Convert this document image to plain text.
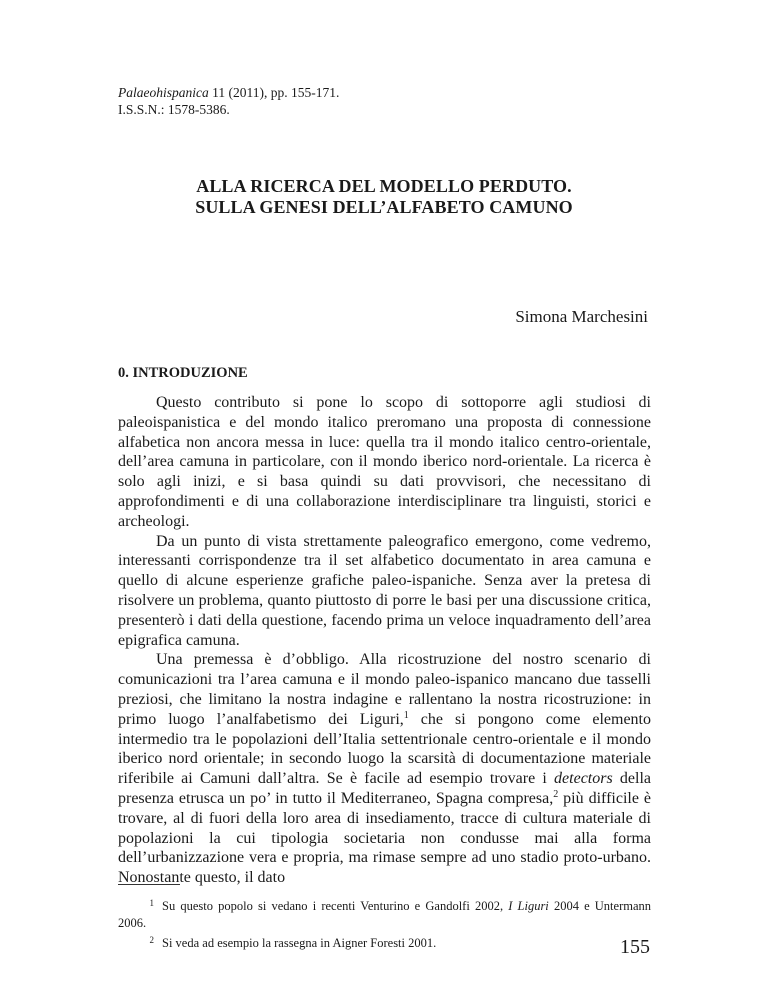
Palaeohispanica 11 (2011), pp. 155-171.
I.S.S.N.: 1578-5386.
ALLA RICERCA DEL MODELLO PERDUTO.
SULLA GENESI DELL’ALFABETO CAMUNO
Simona Marchesini
0. INTRODUZIONE

Questo contributo si pone lo scopo di sottoporre agli studiosi di paleoispanistica e del mondo italico preromano una proposta di connessione alfabetica non ancora messa in luce: quella tra il mondo italico centro-orientale, dell’area camuna in particolare, con il mondo iberico nord-orientale. La ricerca è solo agli inizi, e si basa quindi su dati provvisori, che necessitano di approfondimenti e di una collaborazione interdisciplinare tra linguisti, storici e archeologi.

Da un punto di vista strettamente paleografico emergono, come vedremo, interessanti corrispondenze tra il set alfabetico documentato in area camuna e quello di alcune esperienze grafiche paleo-ispaniche. Senza aver la pretesa di risolvere un problema, quanto piuttosto di porre le basi per una discussione critica, presenterò i dati della questione, facendo prima un veloce inquadramento dell’area epigrafica camuna.

Una premessa è d’obbligo. Alla ricostruzione del nostro scenario di comunicazioni tra l’area camuna e il mondo paleo-ispanico mancano due tasselli preziosi, che limitano la nostra indagine e rallentano la nostra ricostruzione: in primo luogo l’analfabetismo dei Liguri,$^1$ che si pongono come elemento intermedio tra le popolazioni dell’Italia settentrionale centro-orientale e il mondo iberico nord orientale; in secondo luogo la scarsità di documentazione materiale riferibile ai Camuni dall’altra. Se è facile ad esempio trovare i detectors della presenza etrusca un po’ in tutto il Mediterraneo, Spagna compresa,$^2$ più difficile è trovare, al di fuori della loro area di insediamento, tracce di cultura materiale di popolazioni la cui tipologia societaria non condusse mai alla forma dell’urbanizzazione vera e propria, ma rimase sempre ad uno stadio proto-urbano. Nonostante questo, il dato

1 Su questo popolo si vedano i recenti Venturino e Gandolfi 2002, I Liguri 2004 e Untermann 2006.
2 Si veda ad esempio la rassegna in Aigner Foresti 2001.	155
